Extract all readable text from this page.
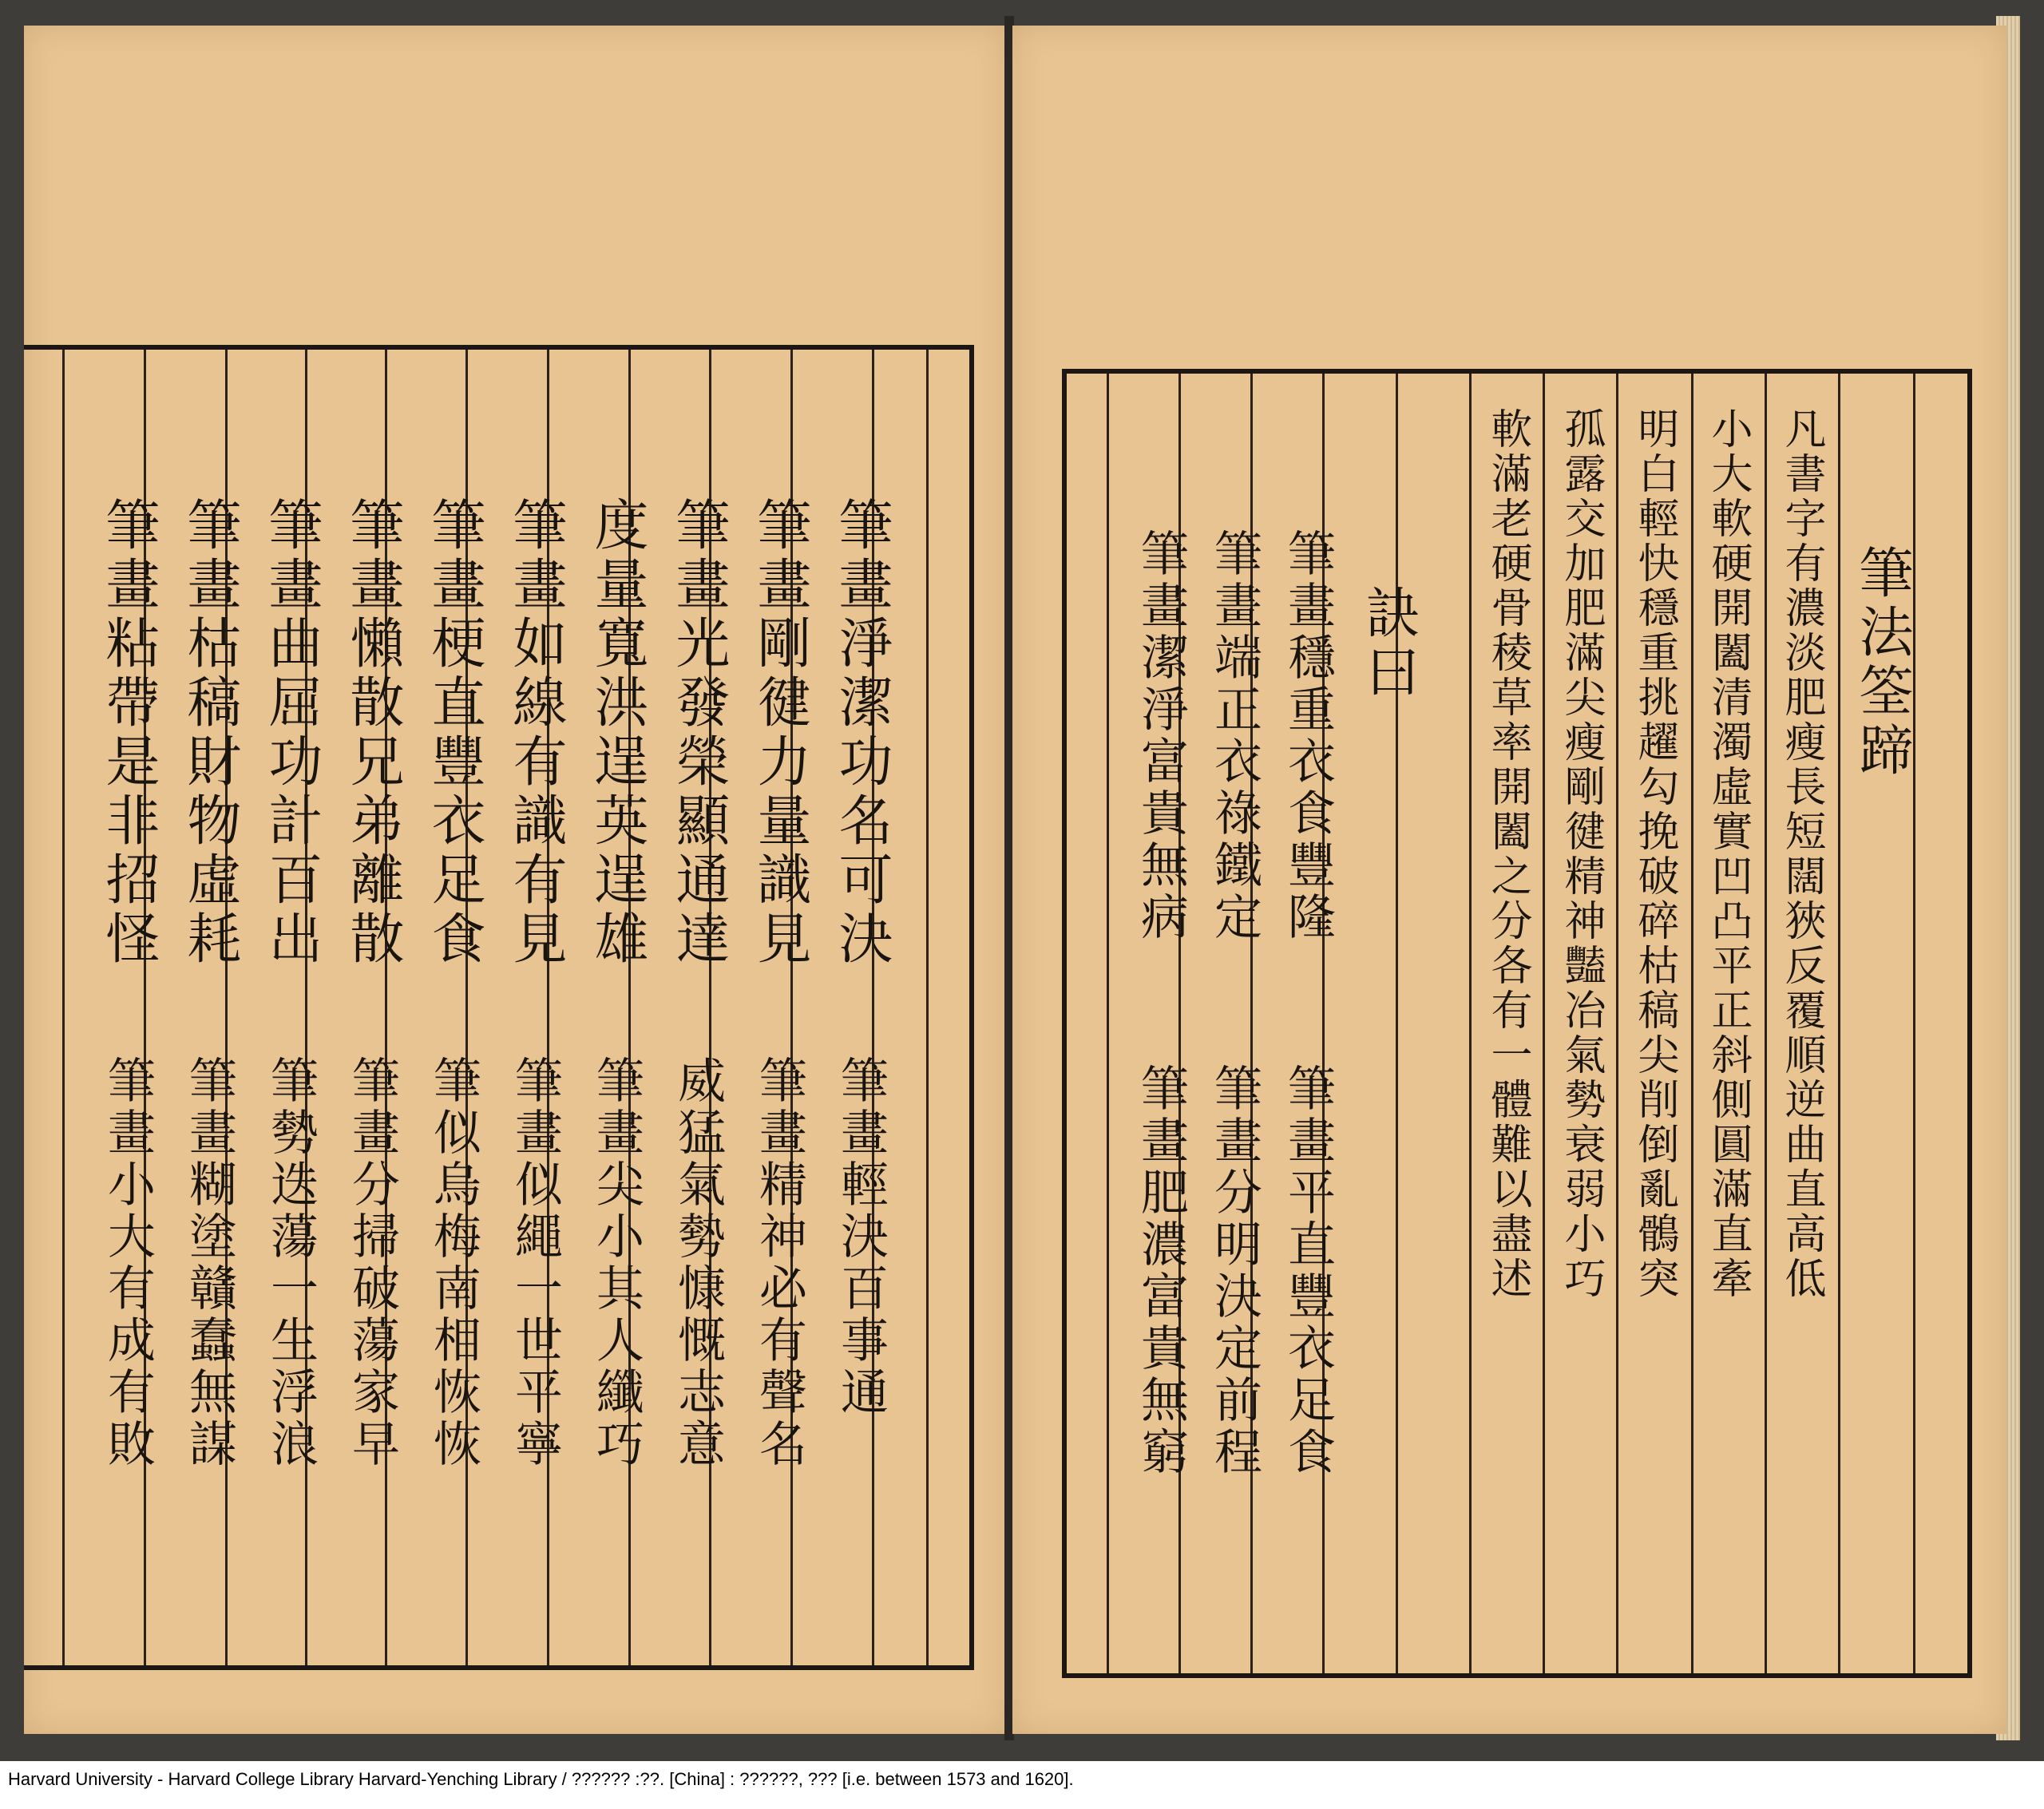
筆畫淨潔功名可決
筆畫剛徤力量識見
筆畫光發榮顯通達
度量寬洪逞英逞雄
筆畫如線有識有見
筆畫梗直豐衣足食
筆畫懶散兄弟離散
筆畫曲屈功計百出
筆畫枯稿財物虛耗
筆畫粘帶是非招怪
筆畫輕決百事通
筆畫精神必有聲名
威猛氣勢慷慨志意
筆畫尖小其人纖巧
筆畫似繩一世平寧
筆似烏梅南相恢恢
筆畫分掃破蕩家早
筆勢迭蕩一生浮浪
筆畫糊塗贛蠢無謀
筆畫小大有成有敗
筆法筌蹄
凡書字有濃淡肥瘦長短闊狹反覆順逆曲直高低
小大軟硬開闔清濁虛實凹凸平正斜側圓滿直牽
明白輕快穩重挑趯勾挽破碎枯稿尖削倒亂鶻突
孤露交加肥滿尖瘦剛徤精神豔冶氣勢衰弱小巧
軟滿老硬骨稜草率開闔之分各有一體難以盡述
訣曰
筆畫穩重衣食豐隆
筆畫端正衣祿鐵定
筆畫潔淨富貴無病
筆畫平直豐衣足食
筆畫分明決定前程
筆畫肥濃富貴無窮
Harvard University - Harvard College Library Harvard-Yenching Library / ?????? :??. [China] : ??????, ??? [i.e. between 1573 and 1620].
